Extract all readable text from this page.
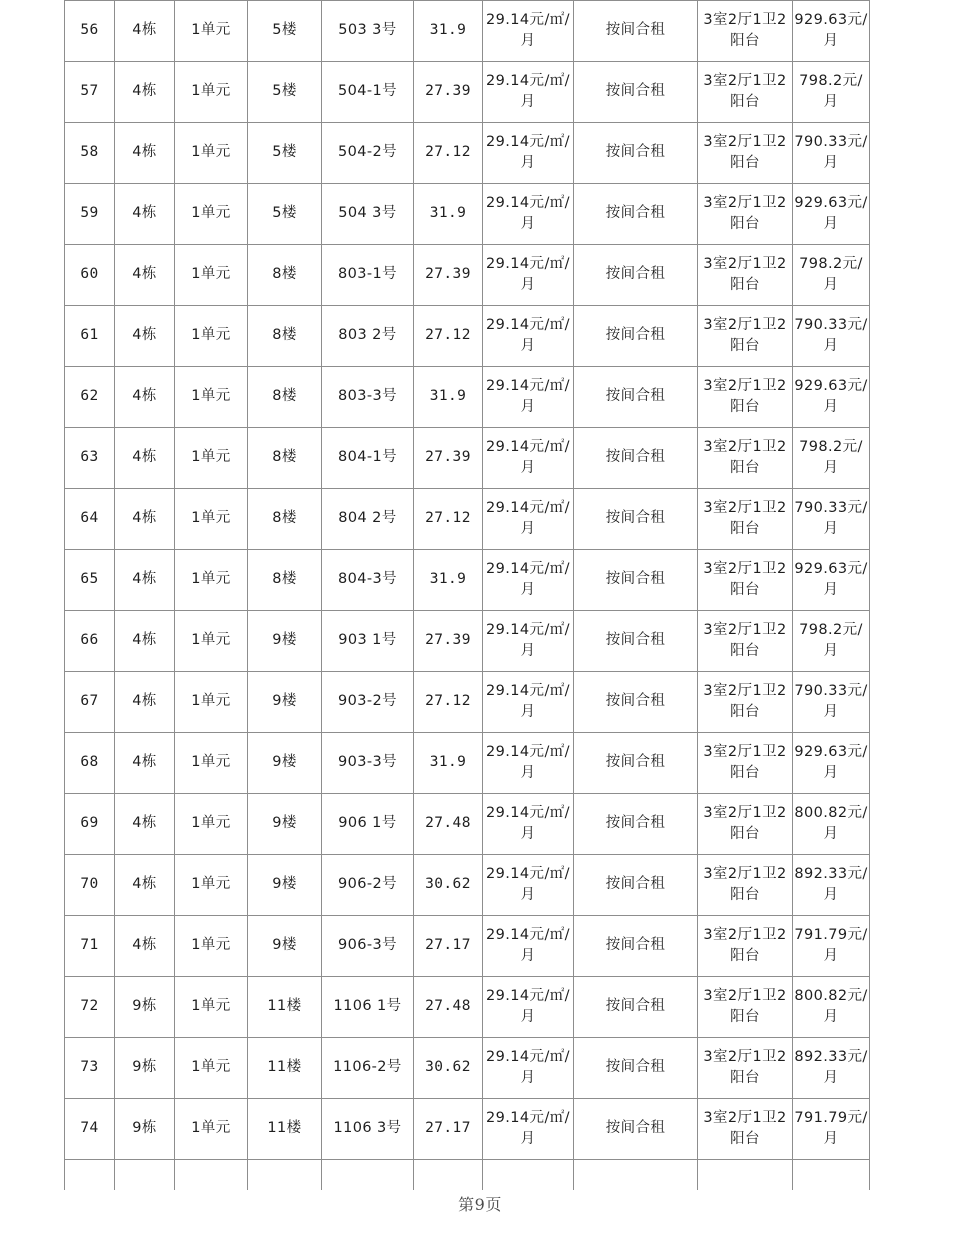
56	4栋	1单元	5楼	503 3号	31.9	29.14元/㎡/月	按间合租	3室2厅1卫2阳台	929.63元/月
57	4栋	1单元	5楼	504-1号	27.39	29.14元/㎡/月	按间合租	3室2厅1卫2阳台	798.2元/月
58	4栋	1单元	5楼	504-2号	27.12	29.14元/㎡/月	按间合租	3室2厅1卫2阳台	790.33元/月
59	4栋	1单元	5楼	504 3号	31.9	29.14元/㎡/月	按间合租	3室2厅1卫2阳台	929.63元/月
60	4栋	1单元	8楼	803-1号	27.39	29.14元/㎡/月	按间合租	3室2厅1卫2阳台	798.2元/月
61	4栋	1单元	8楼	803 2号	27.12	29.14元/㎡/月	按间合租	3室2厅1卫2阳台	790.33元/月
62	4栋	1单元	8楼	803-3号	31.9	29.14元/㎡/月	按间合租	3室2厅1卫2阳台	929.63元/月
63	4栋	1单元	8楼	804-1号	27.39	29.14元/㎡/月	按间合租	3室2厅1卫2阳台	798.2元/月
64	4栋	1单元	8楼	804 2号	27.12	29.14元/㎡/月	按间合租	3室2厅1卫2阳台	790.33元/月
65	4栋	1单元	8楼	804-3号	31.9	29.14元/㎡/月	按间合租	3室2厅1卫2阳台	929.63元/月
66	4栋	1单元	9楼	903 1号	27.39	29.14元/㎡/月	按间合租	3室2厅1卫2阳台	798.2元/月
67	4栋	1单元	9楼	903-2号	27.12	29.14元/㎡/月	按间合租	3室2厅1卫2阳台	790.33元/月
68	4栋	1单元	9楼	903-3号	31.9	29.14元/㎡/月	按间合租	3室2厅1卫2阳台	929.63元/月
69	4栋	1单元	9楼	906 1号	27.48	29.14元/㎡/月	按间合租	3室2厅1卫2阳台	800.82元/月
70	4栋	1单元	9楼	906-2号	30.62	29.14元/㎡/月	按间合租	3室2厅1卫2阳台	892.33元/月
71	4栋	1单元	9楼	906-3号	27.17	29.14元/㎡/月	按间合租	3室2厅1卫2阳台	791.79元/月
72	9栋	1单元	11楼	1106 1号	27.48	29.14元/㎡/月	按间合租	3室2厅1卫2阳台	800.82元/月
73	9栋	1单元	11楼	1106-2号	30.62	29.14元/㎡/月	按间合租	3室2厅1卫2阳台	892.33元/月
74	9栋	1单元	11楼	1106 3号	27.17	29.14元/㎡/月	按间合租	3室2厅1卫2阳台	791.79元/月

第9页
